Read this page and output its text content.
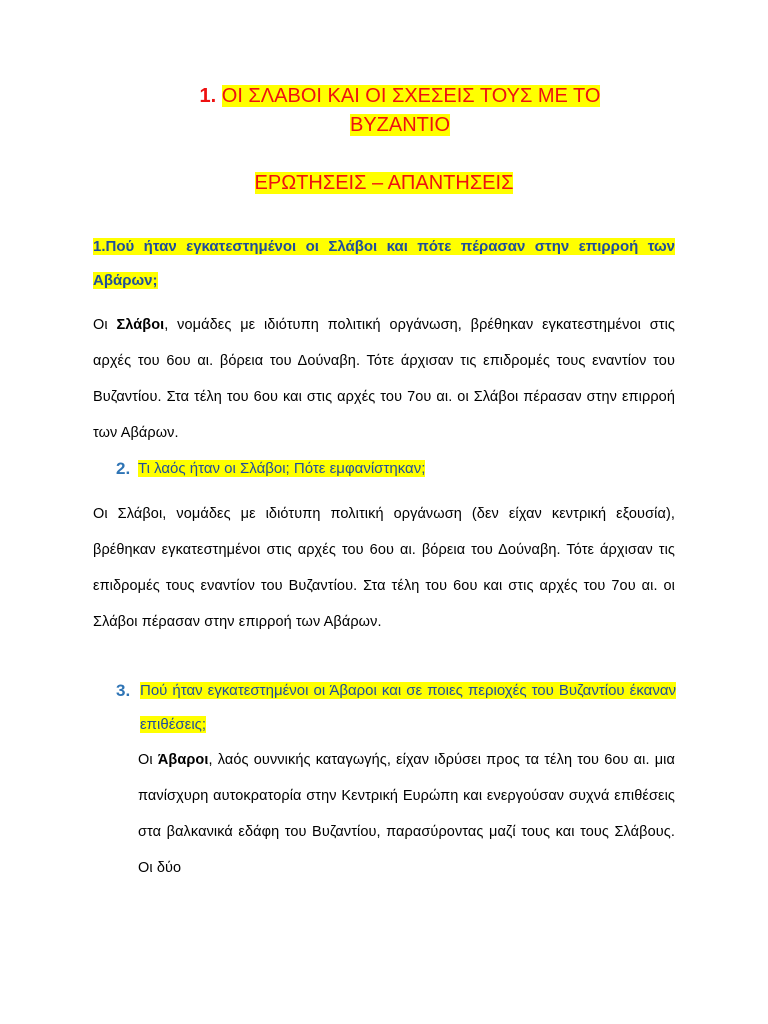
1. ΟΙ ΣΛΑΒΟΙ ΚΑΙ ΟΙ ΣΧΕΣΕΙΣ ΤΟΥΣ ΜΕ ΤΟ ΒΥΖΑΝΤΙΟ
ΕΡΩΤΗΣΕΙΣ – ΑΠΑΝΤΗΣΕΙΣ
1.Πού ήταν εγκατεστημένοι οι Σλάβοι και πότε πέρασαν στην επιρροή των Αβάρων;
Οι Σλάβοι, νομάδες με ιδιότυπη πολιτική οργάνωση, βρέθηκαν εγκατεστημένοι στις αρχές του 6ου αι. βόρεια του Δούναβη. Τότε άρχισαν τις επιδρομές τους εναντίον του Βυζαντίου. Στα τέλη του 6ου και στις αρχές του 7ου αι. οι Σλάβοι πέρασαν στην επιρροή των Αβάρων.
2. Τι λαός ήταν οι Σλάβοι; Πότε εμφανίστηκαν;
Οι Σλάβοι, νομάδες με ιδιότυπη πολιτική οργάνωση (δεν είχαν κεντρική εξουσία), βρέθηκαν εγκατεστημένοι στις αρχές του 6ου αι. βόρεια του Δούναβη. Τότε άρχισαν τις επιδρομές τους εναντίον του Βυζαντίου. Στα τέλη του 6ου και στις αρχές του 7ου αι. οι Σλάβοι πέρασαν στην επιρροή των Αβάρων.
3. Πού ήταν εγκατεστημένοι οι Άβαροι και σε ποιες περιοχές του Βυζαντίου έκαναν επιθέσεις;
Οι Άβαροι, λαός ουννικής καταγωγής, είχαν ιδρύσει προς τα τέλη του 6ου αι. μια πανίσχυρη αυτοκρατορία στην Κεντρική Ευρώπη και ενεργούσαν συχνά επιθέσεις στα βαλκανικά εδάφη του Βυζαντίου, παρασύροντας μαζί τους και τους Σλάβους. Οι δύο
